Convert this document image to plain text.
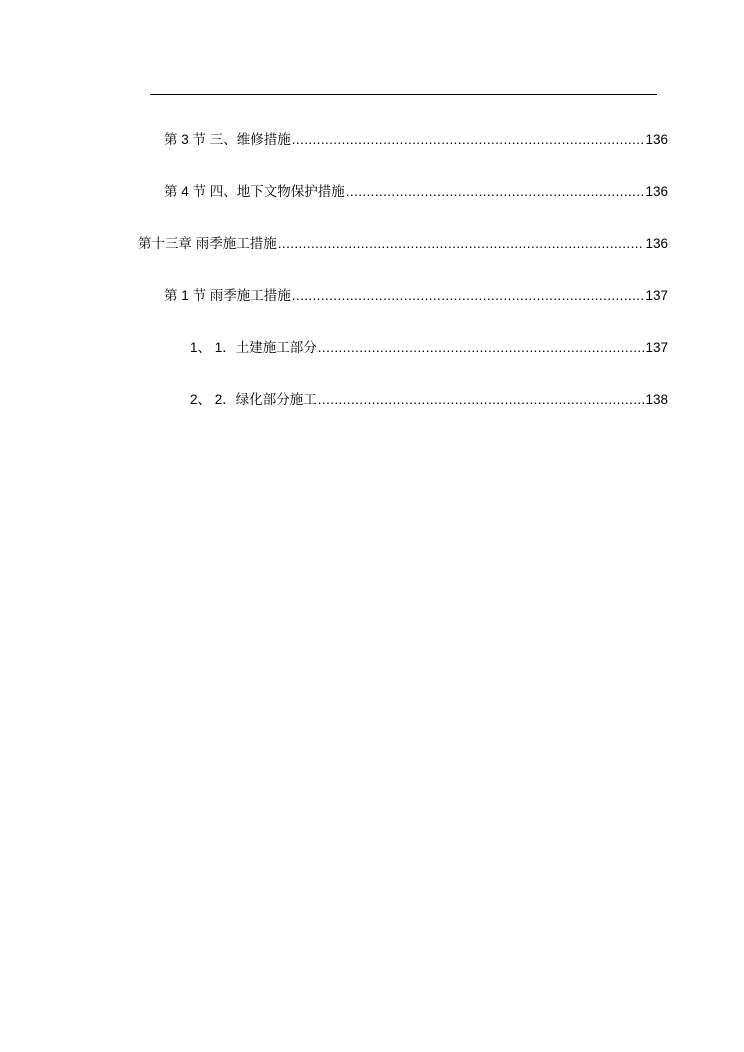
第 3 节 三、维修措施 .....	136
第 4 节 四、地下文物保护措施 .....	136
第十三章 雨季施工措施 .....	136
第 1 节 雨季施工措施 .....	137
1、 1．土建施工部分 .....	137
2、 2．绿化部分施工 .....	138
